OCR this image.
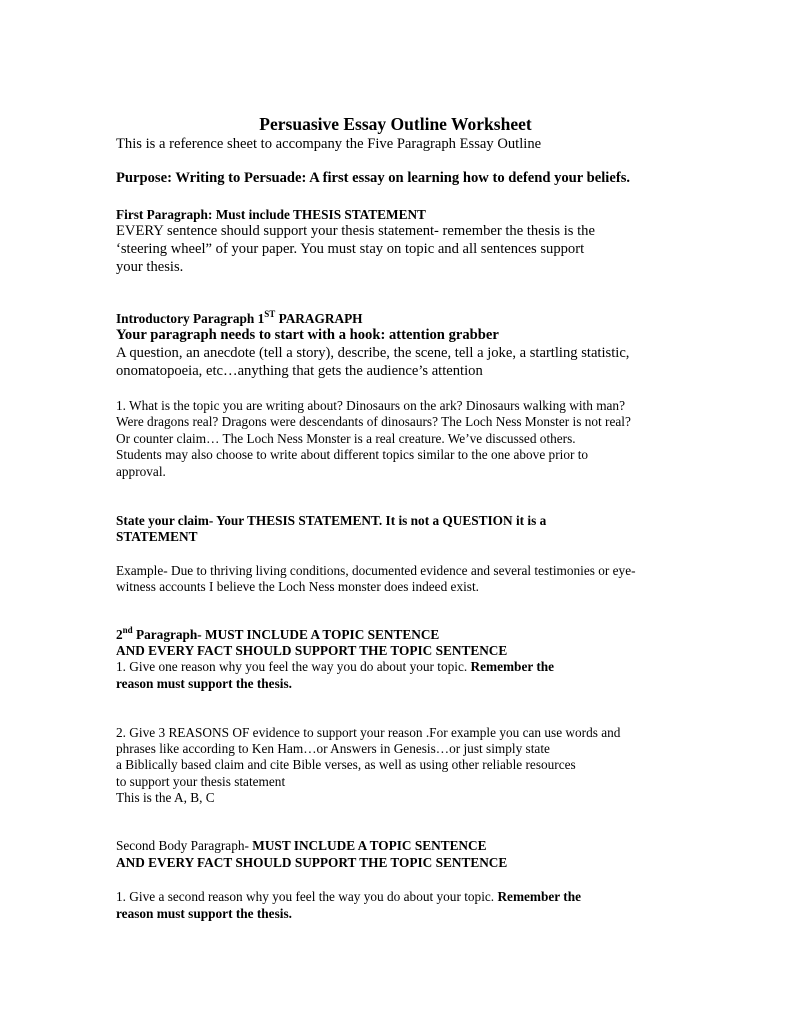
Persuasive Essay Outline Worksheet
This is a reference sheet to accompany the Five Paragraph Essay Outline
Purpose: Writing to Persuade: A first essay on learning how to defend your beliefs.
First Paragraph: Must include THESIS STATEMENT
EVERY sentence should support your thesis statement- remember the thesis is the
‘steering wheel” of your paper. You must stay on topic and all sentences support
your thesis.
Introductory Paragraph 1ST PARAGRAPH
Your paragraph needs to start with a hook: attention grabber
A question, an anecdote (tell a story), describe, the scene, tell a joke, a startling statistic,
onomatopoeia, etc…anything that gets the audience’s attention
1. What is the topic you are writing about? Dinosaurs on the ark? Dinosaurs walking with man?
Were dragons real? Dragons were descendants of dinosaurs? The Loch Ness Monster is not real?
Or counter claim… The Loch Ness Monster is a real creature. We’ve discussed others.
Students may also choose to write about different topics similar to the one above prior to
approval.
State your claim- Your THESIS STATEMENT. It is not a QUESTION it is a
STATEMENT
Example- Due to thriving living conditions, documented evidence and several testimonies or eye-
witness accounts I believe the Loch Ness monster does indeed exist.
2nd Paragraph- MUST INCLUDE A TOPIC SENTENCE
AND EVERY FACT SHOULD SUPPORT THE TOPIC SENTENCE
1. Give one reason why you feel the way you do about your topic. Remember the
reason must support the thesis.
2. Give 3 REASONS OF evidence to support your reason .For example you can use words and
phrases like according to Ken Ham…or Answers in Genesis…or just simply state
a Biblically based claim and cite Bible verses, as well as using other reliable resources
to support your thesis statement
This is the A, B, C
Second Body Paragraph- MUST INCLUDE A TOPIC SENTENCE
AND EVERY FACT SHOULD SUPPORT THE TOPIC SENTENCE
1. Give a second reason why you feel the way you do about your topic. Remember the
reason must support the thesis.
